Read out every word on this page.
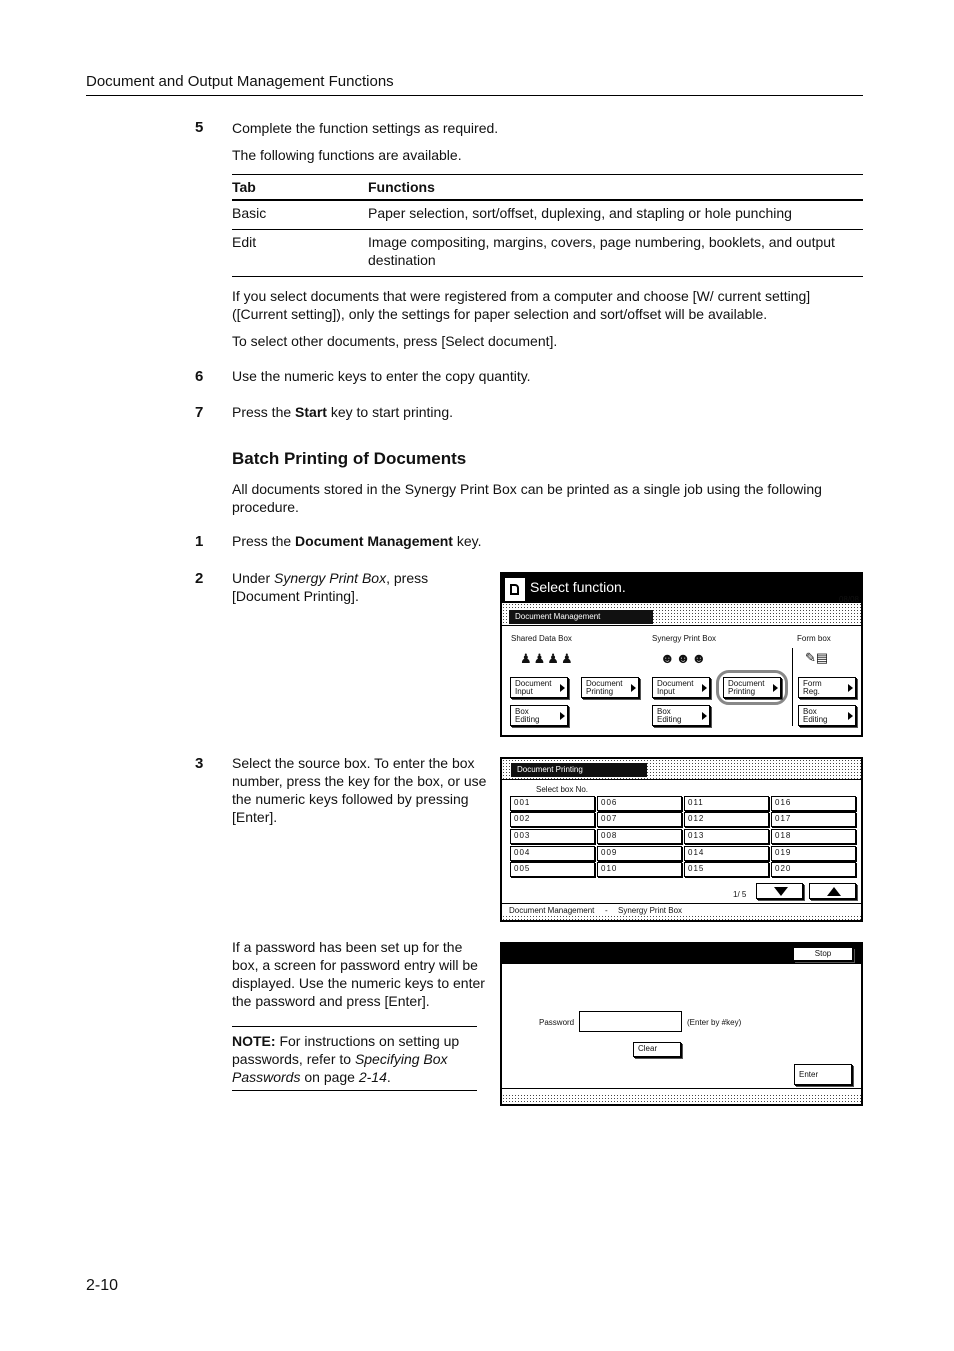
Document and Output Management Functions
5 Complete the function settings as required.
The following functions are available.
Tab	Functions
Basic	Paper selection, sort/offset, duplexing, and stapling or hole punching
Edit	Image compositing, margins, covers, page numbering, booklets, and output destination
If you select documents that were registered from a computer and choose [W/ current setting] ([Current setting]), only the settings for paper selection and sort/offset will be available.
To select other documents, press [Select document].
6 Use the numeric keys to enter the copy quantity.
7 Press the Start key to start printing.
Batch Printing of Documents
All documents stored in the Synergy Print Box can be printed as a single job using the following procedure.
1 Press the Document Management key.
2 Under Synergy Print Box, press [Document Printing].
Select function.
08/08
Document Management
Shared Data Box	Synergy Print Box	Form box
♟♟♟♟	☻☻☻	✎▤
Document
Input
Document
Printing
Document
Input
Document
Printing
Form
Reg.
Box
Editing
Box
Editing
Box
Editing
3 Select the source box. To enter the box number, press the key for the box, or use the numeric keys followed by pressing [Enter].
Document Printing
Select box No.
001
002
003
004
005
006
007
008
009
010
011
012
013
014
015
016
017
018
019
020
1/ 5
Document Management - Synergy Print Box
If a password has been set up for the box, a screen for password entry will be displayed. Use the numeric keys to enter the password and press [Enter].
NOTE: For instructions on setting up passwords, refer to Specifying Box Passwords on page 2-14.
Stop
Password	(Enter by #key)
Clear
Enter
2-10
